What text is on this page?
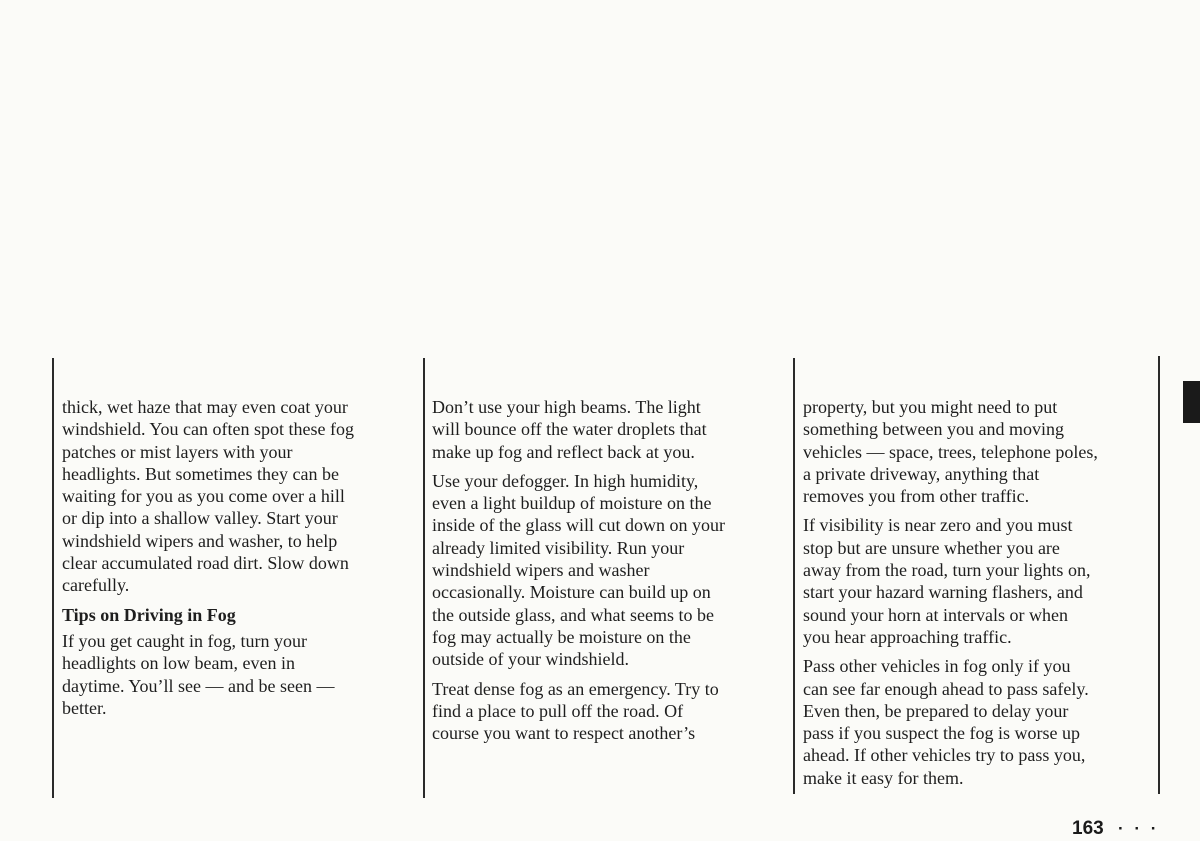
thick, wet haze that may even coat your
windshield. You can often spot these fog
patches or mist layers with your
headlights. But sometimes they can be
waiting for you as you come over a hill
or dip into a shallow valley. Start your
windshield wipers and washer, to help
clear accumulated road dirt. Slow down
carefully.

Tips on Driving in Fog

If you get caught in fog, turn your
headlights on low beam, even in
daytime. You’ll see — and be seen —
better.

Don’t use your high beams. The light
will bounce off the water droplets that
make up fog and reflect back at you.

Use your defogger. In high humidity,
even a light buildup of moisture on the
inside of the glass will cut down on your
already limited visibility. Run your
windshield wipers and washer
occasionally. Moisture can build up on
the outside glass, and what seems to be
fog may actually be moisture on the
outside of your windshield.

Treat dense fog as an emergency. Try to
find a place to pull off the road. Of
course you want to respect another’s

property, but you might need to put
something between you and moving
vehicles — space, trees, telephone poles,
a private driveway, anything that
removes you from other traffic.

If visibility is near zero and you must
stop but are unsure whether you are
away from the road, turn your lights on,
start your hazard warning flashers, and
sound your horn at intervals or when
you hear approaching traffic.

Pass other vehicles in fog only if you
can see far enough ahead to pass safely.
Even then, be prepared to delay your
pass if you suspect the fog is worse up
ahead. If other vehicles try to pass you,
make it easy for them.

163 · · ·
